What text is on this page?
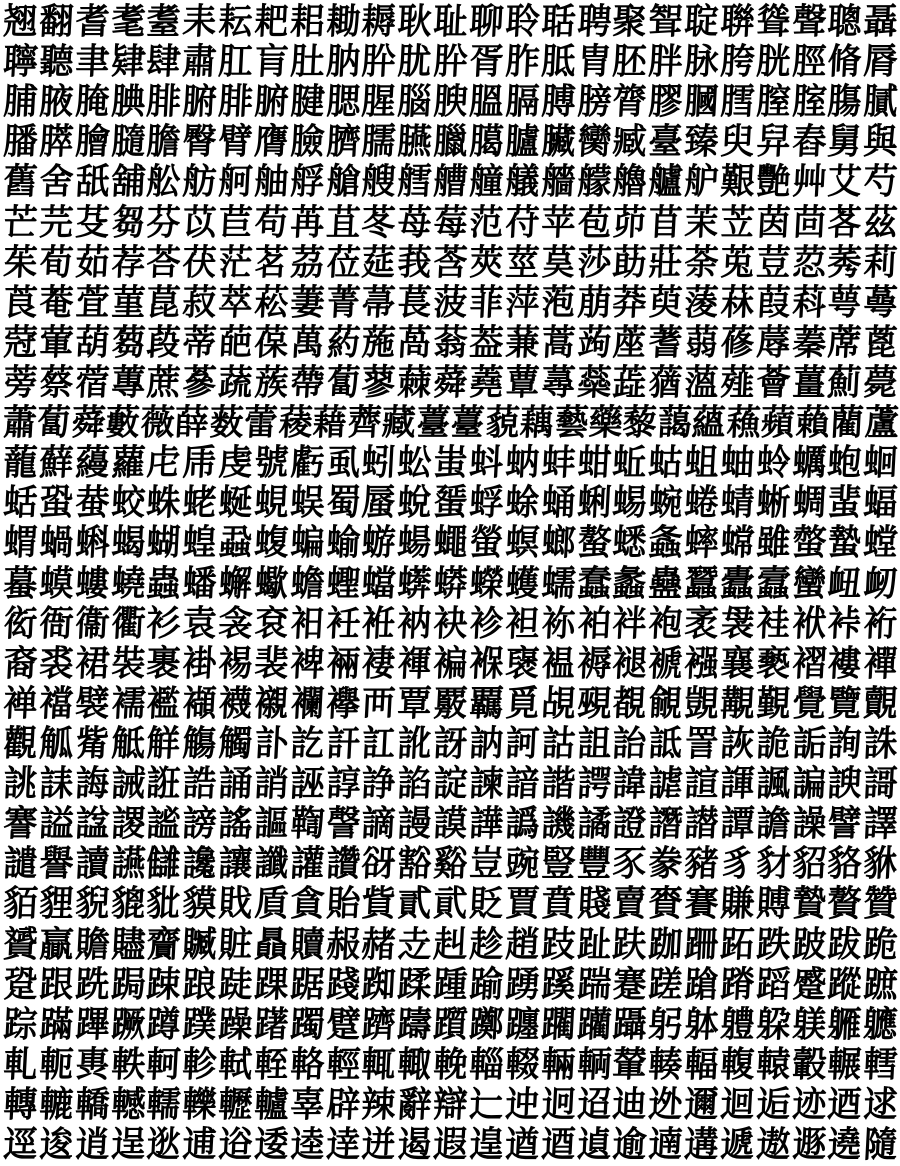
翘 翻 耆 耄 耋 耒 耘 耙 耜 耡 耨 耿 耻 聊 聆 聒 聘 聚 聟 聢 聨 聳 聲 聰 聶
聹 聽 聿 肄 肆 肅 肛 肓 肚 肭 肸 肬 肸 胥 胙 胝 胄 胚 胖 脉 胯 胱 脛 脩 脣
脯 腋 腌 腆 腓 腑 腓 腑 腱 腮 腥 腦 腴 膃 膈 膊 膀 膂 膠 膕 膤 膣 腟 膓 膩
膰 膵 膾 膸 膽 臀 臂 膺 臉 臍 臑 臙 臘 臈 臚 臟 臠 臧 臺 臻 臾 舁 舂 舅 與
舊 舍 舐 舖 舩 舫 舸 舳 艀 艙 艘 艝 艚 艟 艤 艢 艨 艪 艫 舮 艱 艷 艸 艾 芍
芒 芫 芟 芻 芬 苡 苣 苟 苒 苴 苳 苺 莓 范 苻 苹 苞 茆 苜 茉 苙 茵 茴 茖 茲
茱 荀 茹 荐 荅 茯 茫 茗 茘 莅 莚 莪 莟 莢 莖 茣 莎 莇 莊 荼 莵 荳 荵 莠 莉
莨 菴 萓 菫 菎 菽 萃 菘 萋 菁 菷 萇 菠 菲 萍 萢 萠 莽 萸 蔆 菻 葭 萪 萼 蕚
蒄 葷 葫 蒭 葮 蒂 葩 葆 萬 葯 葹 萵 蓊 葢 蒹 蒿 蒟 蓙 蓍 蒻 蓚 蓐 蓁 蓆 蓖
蒡 蔡 蓿 蓴 蔗 蔘 蔬 蔟 蔕 蔔 蓼 蕀 蕣 蕘 蕈 蕁 蘂 蕋 蕕 薀 薤 薈 薑 薊 薨
蕭 蔔 蕣 藪 薇 薛 薮 蕾 薐 藉 薺 藏 薹 薹 藐 藕 藝 藥 藜 藹 蘊 蘓 蘋 藾 藺 蘆
蘢 蘚 蘰 蘿 虍 乕 虔 號 虧 虱 蚓 蚣 蚩 蚪 蚋 蚌 蚶 蚯 蛄 蛆 蚰 蛉 蠣 蚫 蛔
蛞 蛩 蛬 蛟 蛛 蛯 蜒 蜆 蜈 蜀 蜃 蛻 蜑 蜉 蜍 蛹 蜊 蜴 蜿 蜷 蜻 蜥 蜩 蜚 蝠
蝟 蝸 蝌 蝎 蝴 蝗 蝨 蝮 蝙 蝓 蝣 蝪 蠅 螢 螟 螂 螯 蟋 螽 蟀 蟐 雖 螫 蟄 螳
蟇 蟆 螻 蟯 蟲 蟠 蠏 蠍 蟾 蟶 蟷 蠎 蟒 蠑 蠖 蠕 蠢 蠡 蠱 蠶 蠹 蠧 蠻 衄 衂
衒 衙 衞 衢 衫 袁 衾 袞 衵 衽 袵 衲 袂 袗 袒 袮 袙 袢 袍 袤 袰 袿 袱 裃 裄
裔 裘 裙 裝 裹 褂 裼 裴 裨 裲 褄 褌 褊 褓 襃 褞 褥 褪 褫 襁 襄 褻 褶 褸 襌
褝 襠 襞 襦 襤 襭 襪 襯 襴 襷 襾 覃 覈 覊 覓 覘 覡 覩 覦 覬 覯 覲 覺 覽 覿
觀 觚 觜 觝 觧 觴 觸 訃 訖 訐 訌 訛 訝 訥 訶 詁 詛 詒 詆 詈 詼 詭 詬 詢 誅
誂 誄 誨 誡 誑 誥 誦 誚 誣 諄 諍 諂 諚 諫 諳 諧 諤 諱 謔 諠 諢 諷 諞 諛 謌
謇 謚 諡 謖 謐 謗 謠 謳 鞫 謦 謫 謾 謨 譁 譌 譏 譎 證 譖 譛 譚 譫 譟 譬 譯
譴 譽 讀 讌 讎 讒 讓 讖 讙 讚 谺 豁 谿 豈 豌 豎 豐 豕 豢 豬 豸 豺 貂 貉 貅
貊 貍 貎 貔 豼 貘 戝 貭 貪 貽 貲 貳 貮 貶 賈 賁 賤 賣 賚 賽 賺 賻 贄 贅 贊
贇 贏 贍 贐 齎 贓 賍 贔 贖 赧 赭 赱 赳 趁 趙 跂 趾 趺 跏 跚 跖 跌 跛 跋 跪
跫 跟 跣 跼 踈 踉 跿 踝 踞 踐 踟 蹂 踵 踰 踴 蹊 踹 蹇 蹉 蹌 蹐 蹈 蹙 蹤 蹠
踪 蹣 蹕 蹶 蹲 蹼 躁 躇 躅 躄 躋 躊 躓 躑 躔 躙 躪 躡 躬 躰 軆 躱 躾 軅 軈
軋 軛 軣 軼 軻 軫 軾 輊 輅 輕 輒 輙 輓 輜 輟 輛 輌 輦 輳 輻 輹 轅 轂 輾 轌
轉 轆 轎 轗 轜 轢 轣 轤 辜 辟 辣 辭 辯 辷 迚 迥 迢 迪 迯 邇 迴 逅 迹 迺 逑
逕 逡 逍 逞 逖 逋 逧 逶 逵 逹 迸 遏 遐 遑 遒 逎 遉 逾 遖 遘 遞 遨 遯 遶 隨
